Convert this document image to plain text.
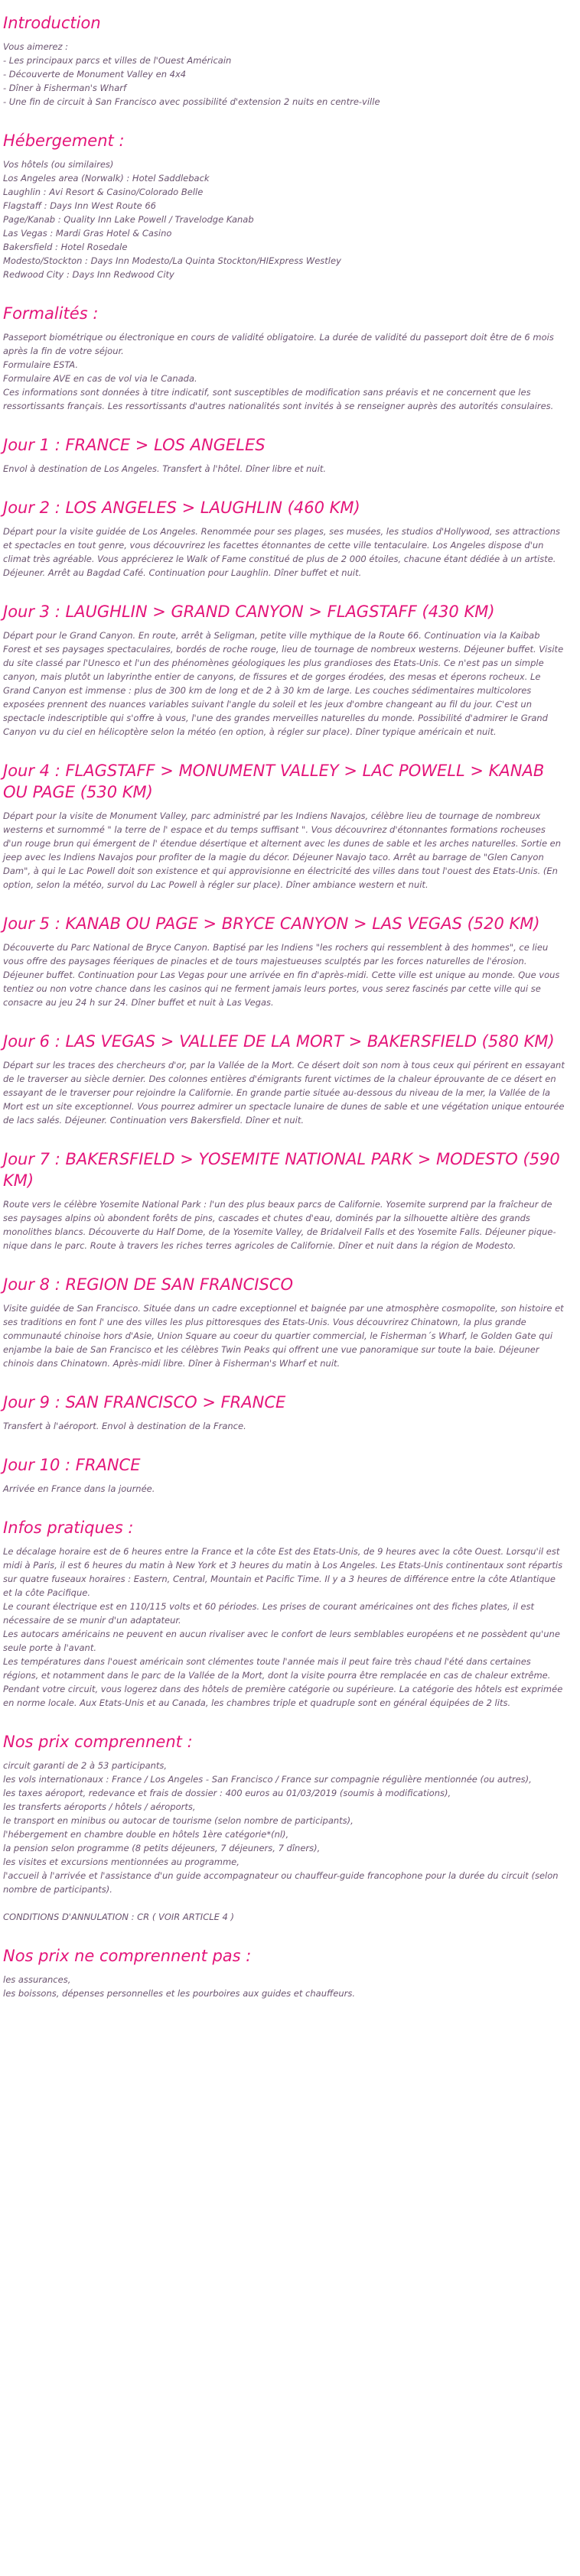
Introduction
Vous aimerez :
- Les principaux parcs et villes de l'Ouest Américain
- Découverte de Monument Valley en 4x4
- Dîner à Fisherman's Wharf
- Une fin de circuit à San Francisco avec possibilité d'extension 2 nuits en centre-ville
Hébergement :
Vos hôtels (ou similaires)
Los Angeles area (Norwalk) : Hotel Saddleback
Laughlin : Avi Resort & Casino/Colorado Belle
Flagstaff : Days Inn West Route 66
Page/Kanab : Quality Inn Lake Powell / Travelodge Kanab
Las Vegas : Mardi Gras Hotel & Casino
Bakersfield : Hotel Rosedale
Modesto/Stockton : Days Inn Modesto/La Quinta Stockton/HIExpress Westley
Redwood City : Days Inn Redwood City
Formalités :

Passeport biométrique ou électronique en cours de validité obligatoire. La durée de validité du passeport doit être de 6 mois après la fin de votre séjour.

Formulaire ESTA.
Formulaire AVE en cas de vol via le Canada.
Ces informations sont données à titre indicatif, sont susceptibles de modification sans préavis et ne concernent que les ressortissants français. Les ressortissants d'autres nationalités sont invités à se renseigner auprès des autorités consulaires.
Jour 1 : FRANCE > LOS ANGELES

Envol à destination de Los Angeles. Transfert à l'hôtel. Dîner libre et nuit.

Jour 2 : LOS ANGELES > LAUGHLIN (460 KM)

Départ pour la visite guidée de Los Angeles. Renommée pour ses plages, ses musées, les studios d'Hollywood, ses attractions et spectacles en tout genre, vous découvrirez les facettes étonnantes de cette ville tentaculaire. Los Angeles dispose d'un climat très agréable. Vous apprécierez le Walk of Fame constitué de plus de 2 000 étoiles, chacune étant dédiée à un artiste. Déjeuner. Arrêt au Bagdad Café. Continuation pour Laughlin. Dîner buffet et nuit.

Jour 3 : LAUGHLIN > GRAND CANYON > FLAGSTAFF (430 KM)

Départ pour le Grand Canyon. En route, arrêt à Seligman, petite ville mythique de la Route 66. Continuation via la Kaibab Forest et ses paysages spectaculaires, bordés de roche rouge, lieu de tournage de nombreux westerns. Déjeuner buffet. Visite du site classé par l'Unesco et l'un des phénomènes géologiques les plus grandioses des Etats-Unis. Ce n'est pas un simple canyon, mais plutôt un labyrinthe entier de canyons, de fissures et de gorges érodées, des mesas et éperons rocheux. Le Grand Canyon est immense : plus de 300 km de long et de 2 à 30 km de large. Les couches sédimentaires multicolores exposées prennent des nuances variables suivant l'angle du soleil et les jeux d'ombre changeant au fil du jour. C'est un spectacle indescriptible qui s'offre à vous, l'une des grandes merveilles naturelles du monde. Possibilité d'admirer le Grand Canyon vu du ciel en hélicoptère selon la météo (en option, à régler sur place). Dîner typique américain et nuit.

Jour 4 : FLAGSTAFF > MONUMENT VALLEY > LAC POWELL > KANAB OU PAGE (530 KM)

Départ pour la visite de Monument Valley, parc administré par les Indiens Navajos, célèbre lieu de tournage de nombreux westerns et surnommé " la terre de l' espace et du temps suffisant ". Vous découvrirez d'étonnantes formations rocheuses d'un rouge brun qui émergent de l' étendue désertique et alternent avec les dunes de sable et les arches naturelles. Sortie en jeep avec les Indiens Navajos pour profiter de la magie du décor. Déjeuner Navajo taco. Arrêt au barrage de "Glen Canyon Dam", à qui le Lac Powell doit son existence et qui approvisionne en électricité des villes dans tout l'ouest des Etats-Unis. (En option, selon la météo, survol du Lac Powell à régler sur place). Dîner ambiance western et nuit.

Jour 5 : KANAB OU PAGE > BRYCE CANYON > LAS VEGAS (520 KM)

Découverte du Parc National de Bryce Canyon. Baptisé par les Indiens "les rochers qui ressemblent à des hommes", ce lieu vous offre des paysages féeriques de pinacles et de tours majestueuses sculptés par les forces naturelles de l'érosion. Déjeuner buffet. Continuation pour Las Vegas pour une arrivée en fin d'après-midi. Cette ville est unique au monde. Que vous tentiez ou non votre chance dans les casinos qui ne ferment jamais leurs portes, vous serez fascinés par cette ville qui se consacre au jeu 24 h sur 24. Dîner buffet et nuit à Las Vegas.

Jour 6 : LAS VEGAS > VALLEE DE LA MORT > BAKERSFIELD (580 KM)

Départ sur les traces des chercheurs d'or, par la Vallée de la Mort. Ce désert doit son nom à tous ceux qui périrent en essayant de le traverser au siècle dernier. Des colonnes entières d'émigrants furent victimes de la chaleur éprouvante de ce désert en essayant de le traverser pour rejoindre la Californie. En grande partie située au-dessous du niveau de la mer, la Vallée de la Mort est un site exceptionnel. Vous pourrez admirer un spectacle lunaire de dunes de sable et une végétation unique entourée de lacs salés. Déjeuner. Continuation vers Bakersfield. Dîner et nuit.

Jour 7 : BAKERSFIELD > YOSEMITE NATIONAL PARK > MODESTO (590 KM)

Route vers le célèbre Yosemite National Park : l'un des plus beaux parcs de Californie. Yosemite surprend par la fraîcheur de ses paysages alpins où abondent forêts de pins, cascades et chutes d'eau, dominés par la silhouette altière des grands monolithes blancs. Découverte du Half Dome, de la Yosemite Valley, de Bridalveil Falls et des Yosemite Falls. Déjeuner pique-nique dans le parc. Route à travers les riches terres agricoles de Californie. Dîner et nuit dans la région de Modesto.

Jour 8 : REGION DE SAN FRANCISCO

Visite guidée de San Francisco. Située dans un cadre exceptionnel et baignée par une atmosphère cosmopolite, son histoire et ses traditions en font l' une des villes les plus pittoresques des Etats-Unis. Vous découvrirez Chinatown, la plus grande communauté chinoise hors d'Asie, Union Square au coeur du quartier commercial, le Fisherman´s Wharf, le Golden Gate qui enjambe la baie de San Francisco et les célèbres Twin Peaks qui offrent une vue panoramique sur toute la baie. Déjeuner chinois dans Chinatown. Après-midi libre. Dîner à Fisherman's Wharf et nuit.

Jour 9 : SAN FRANCISCO > FRANCE

Transfert à l'aéroport. Envol à destination de la France.

Jour 10 : FRANCE

Arrivée en France dans la journée.

Infos pratiques :
Le décalage horaire est de 6 heures entre la France et la côte Est des Etats-Unis, de 9 heures avec la côte Ouest. Lorsqu'il est midi à Paris, il est 6 heures du matin à New York et 3 heures du matin à Los Angeles. Les Etats-Unis continentaux sont répartis sur quatre fuseaux horaires : Eastern, Central, Mountain et Pacific Time. Il y a 3 heures de différence entre la côte Atlantique et la côte Pacifique.
Le courant électrique est en 110/115 volts et 60 périodes. Les prises de courant américaines ont des fiches plates, il est nécessaire de se munir d'un adaptateur.
Les autocars américains ne peuvent en aucun rivaliser avec le confort de leurs semblables européens et ne possèdent qu'une seule porte à l'avant.
Les températures dans l'ouest américain sont clémentes toute l'année mais il peut faire très chaud l'été dans certaines régions, et notamment dans le parc de la Vallée de la Mort, dont la visite pourra être remplacée en cas de chaleur extrême.
Pendant votre circuit, vous logerez dans des hôtels de première catégorie ou supérieure. La catégorie des hôtels est exprimée en norme locale. Aux Etats-Unis et au Canada, les chambres triple et quadruple sont en général équipées de 2 lits.
Nos prix comprennent :
circuit garanti de 2 à 53 participants,
les vols internationaux : France / Los Angeles - San Francisco / France sur compagnie régulière mentionnée (ou autres),
les taxes aéroport, redevance et frais de dossier : 400 euros au 01/03/2019 (soumis à modifications),
les transferts aéroports / hôtels / aéroports,
le transport en minibus ou autocar de tourisme (selon nombre de participants),
l'hébergement en chambre double en hôtels 1ère catégorie*(nl),
la pension selon programme (8 petits déjeuners, 7 déjeuners, 7 dîners),
les visites et excursions mentionnées au programme,
l'accueil à l'arrivée et l'assistance d'un guide accompagnateur ou chauffeur-guide francophone pour la durée du circuit (selon nombre de participants).
CONDITIONS D'ANNULATION : CR ( VOIR ARTICLE 4 )
Nos prix ne comprennent pas :
les assurances,
les boissons, dépenses personnelles et les pourboires aux guides et chauffeurs.
